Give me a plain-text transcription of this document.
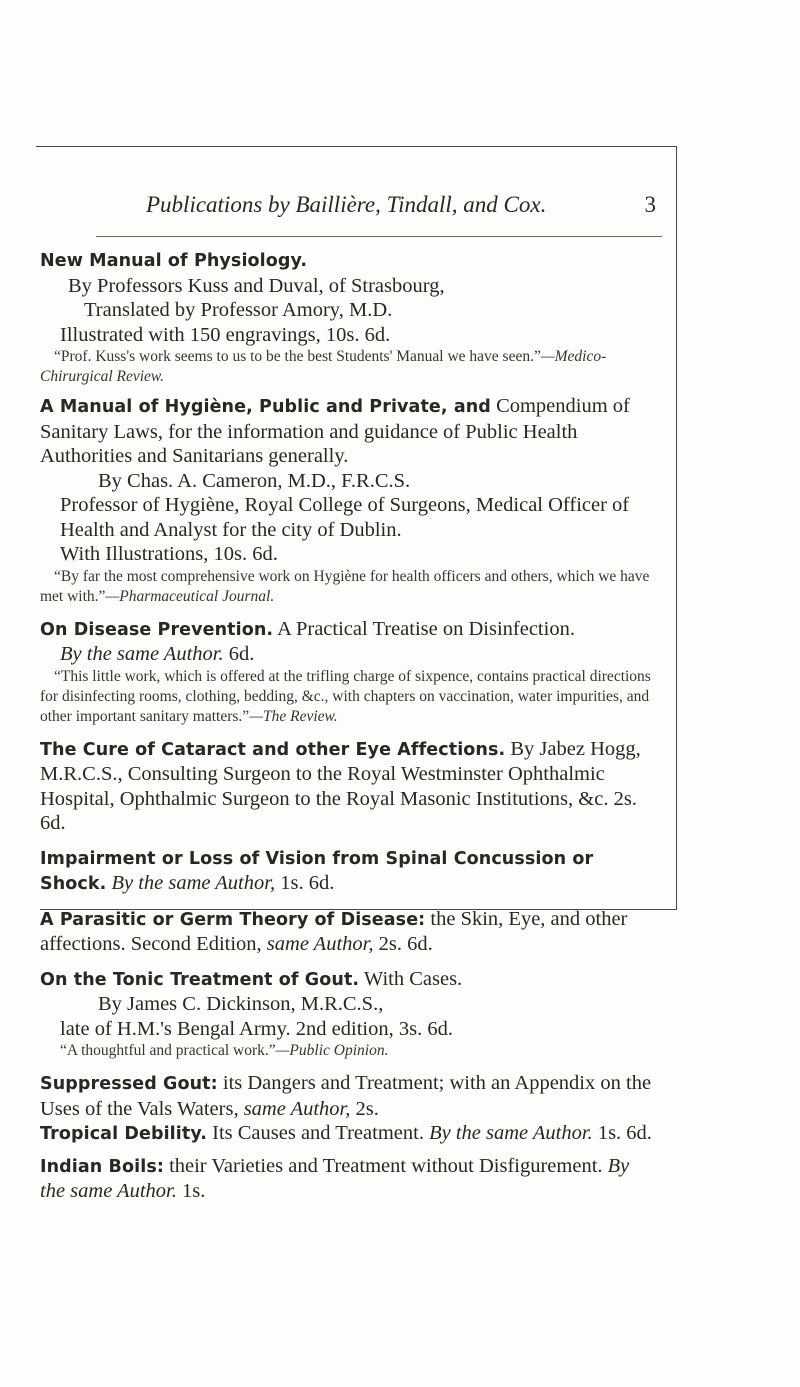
Publications by Baillière, Tindall, and Cox.	3
New Manual of Physiology.
By Professors Kuss and Duval, of Strasbourg,
Translated by Professor Amory, M.D.
Illustrated with 150 engravings, 10s. 6d.
“Prof. Kuss's work seems to us to be the best Students' Manual we have seen.”—Medico-Chirurgical Review.
A Manual of Hygiène, Public and Private, and Compendium of Sanitary Laws, for the information and guidance of Public Health Authorities and Sanitarians generally.
By Chas. A. Cameron, M.D., F.R.C.S.
Professor of Hygiène, Royal College of Surgeons, Medical Officer of Health and Analyst for the city of Dublin.
With Illustrations, 10s. 6d.
“By far the most comprehensive work on Hygiène for health officers and others, which we have met with.”—Pharmaceutical Journal.
On Disease Prevention. A Practical Treatise on Disinfection.
By the same Author. 6d.
“This little work, which is offered at the trifling charge of sixpence, contains practical directions for disinfecting rooms, clothing, bedding, &c., with chapters on vaccination, water impurities, and other important sanitary matters.”—The Review.
The Cure of Cataract and other Eye Affections. By Jabez Hogg, M.R.C.S., Consulting Surgeon to the Royal Westminster Ophthalmic Hospital, Ophthalmic Surgeon to the Royal Masonic Institutions, &c. 2s. 6d.
Impairment or Loss of Vision from Spinal Concussion or Shock. By the same Author, 1s. 6d.
A Parasitic or Germ Theory of Disease: the Skin, Eye, and other affections. Second Edition, same Author, 2s. 6d.
On the Tonic Treatment of Gout. With Cases.
By James C. Dickinson, M.R.C.S.,
late of H.M.'s Bengal Army. 2nd edition, 3s. 6d.
“A thoughtful and practical work.”—Public Opinion.
Suppressed Gout: its Dangers and Treatment; with an Appendix on the Uses of the Vals Waters, same Author, 2s.
Tropical Debility. Its Causes and Treatment. By the same Author. 1s. 6d.
Indian Boils: their Varieties and Treatment without Disfigurement. By the same Author. 1s.
